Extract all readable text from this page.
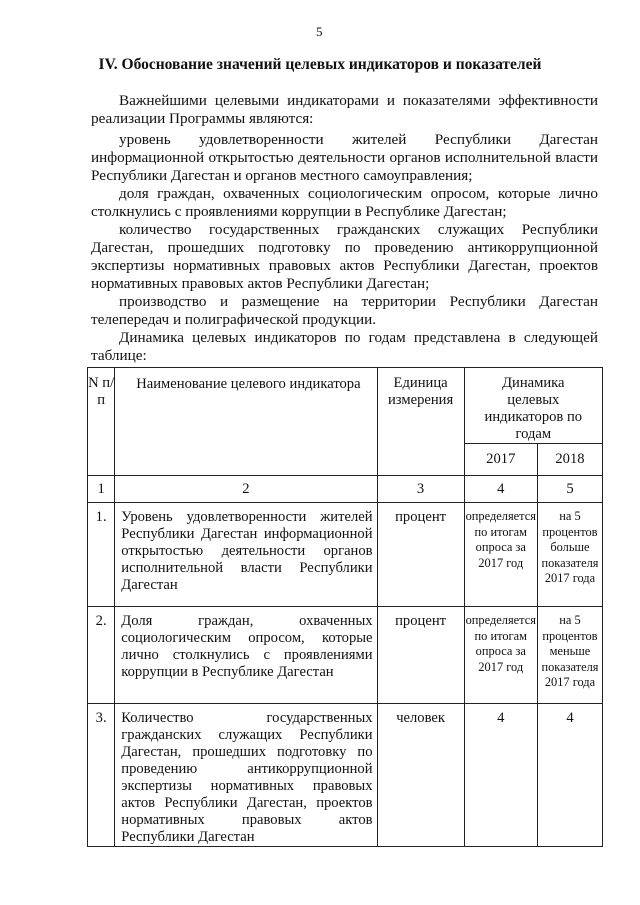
5
IV. Обоснование значений целевых индикаторов и показателей

Важнейшими целевыми индикаторами и показателями эффективности реализации Программы являются:

уровень удовлетворенности жителей Республики Дагестан информационной открытостью деятельности органов исполнительной власти Республики Дагестан и органов местного самоуправления;

доля граждан, охваченных социологическим опросом, которые лично столкнулись с проявлениями коррупции в Республике Дагестан;

количество государственных гражданских служащих Республики Дагестан, прошедших подготовку по проведению антикоррупционной экспертизы нормативных правовых актов Республики Дагестан, проектов нормативных правовых актов Республики Дагестан;

производство и размещение на территории Республики Дагестан телепередач и полиграфической продукции.

Динамика целевых индикаторов по годам представлена в следующей таблице:

N п/п	Наименование целевого индикатора	Единица измерения	Динамика целевых индикаторов по годам	
			2017	2018
1	2	3	4	5
1.	Уровень удовлетворенности жителей Республики Дагестан информационной открытостью деятельности органов исполнительной власти Республики Дагестан	процент	определяется по итогам опроса за 2017 год	на 5 процентов больше показателя 2017 года
2.	Доля граждан, охваченных социологическим опросом, которые лично столкнулись с проявлениями коррупции в Республике Дагестан	процент	определяется по итогам опроса за 2017 год	на 5 процентов меньше показателя 2017 года
3.	Количество государственных гражданских служащих Республики Дагестан, прошедших подготовку по проведению антикоррупционной экспертизы нормативных правовых актов Республики Дагестан, проектов нормативных правовых актов Республики Дагестан	человек	4	4
